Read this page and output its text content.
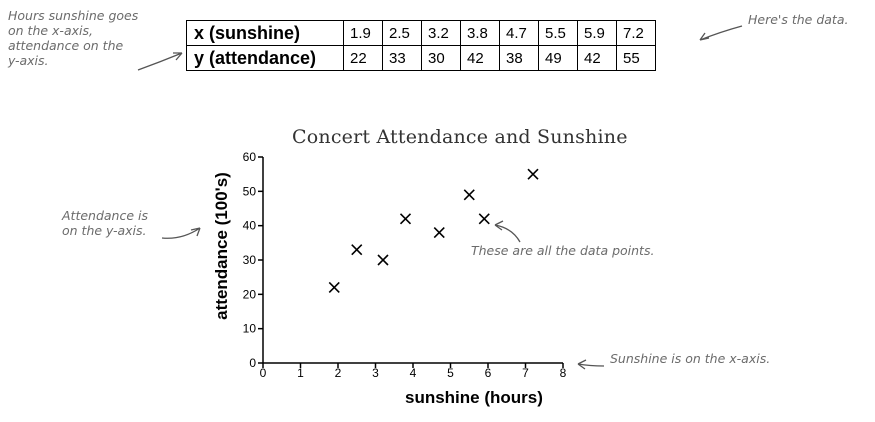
Hours sunshine goes
on the x-axis,
attendance on the
y-axis.
Here's the data.
Attendance is
on the y-axis.
These are all the data points.
Sunshine is on the x-axis.
x (sunshine)	1.9	2.5	3.2	3.8	4.7	5.5	5.9	7.2
y (attendance)	22	33	30	42	38	49	42	55
Concert Attendance and Sunshine
attendance (100's)
sunshine (hours)
0	1	2	3	4	5	6	7	8
0
10
20
30
40
50
60
